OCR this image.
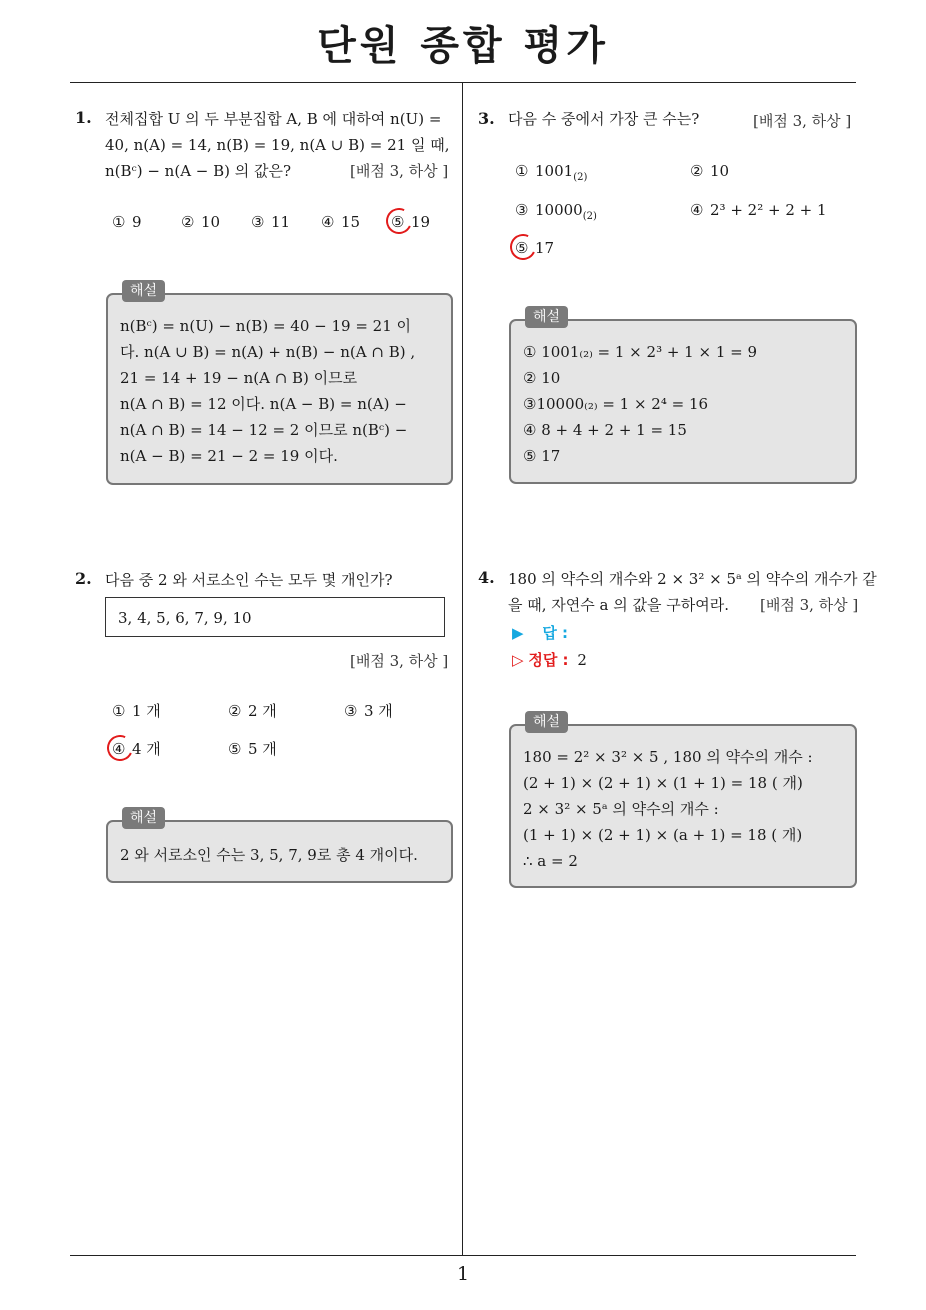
단원 종합 평가
1
1. 전체집합 U 의 두 부분집합 A, B 에 대하여 n(U) =
40, n(A) = 14, n(B) = 19, n(A ∪ B) = 21 일 때,
n(Bᶜ) − n(A − B) 의 값은?	[배점 3, 하상 ]
① 9	② 10 ③ 11 ④ 15 ⑤ 19
해설
n(Bᶜ) = n(U) − n(B) = 40 − 19 = 21 이
다. n(A ∪ B) = n(A) + n(B) − n(A ∩ B) ,
21 = 14 + 19 − n(A ∩ B) 이므로
n(A ∩ B) = 12 이다. n(A − B) = n(A) −
n(A ∩ B) = 14 − 12 = 2 이므로 n(Bᶜ) −
n(A − B) = 21 − 2 = 19 이다.
2. 다음 중 2 와 서로소인 수는 모두 몇 개인가?
3, 4, 5, 6, 7, 9, 10
[배점 3, 하상 ]
① 1 개	② 2 개	③ 3 개
④ 4 개	⑤ 5 개
해설
2 와 서로소인 수는 3, 5, 7, 9로 총 4 개이다.
3. 다음 수 중에서 가장 큰 수는?	[배점 3, 하상 ]
① $1001_{(2)}$	② 10
③ $10000_{(2)}$	④ 2³ + 2² + 2 + 1
⑤ 17
해설
① 1001₍₂₎ = 1 × 2³ + 1 × 1 = 9
② 10
③10000₍₂₎ = 1 × 2⁴ = 16
④ 8 + 4 + 2 + 1 = 15
⑤ 17
4. 180 의 약수의 개수와 2 × 3² × 5ᵃ 의 약수의 개수가 같
을 때, 자연수 a 의 값을 구하여라.	[배점 3, 하상 ]
▶ 답 :
▷ 정답 : 2
해설
180 = 2² × 3² × 5 , 180 의 약수의 개수 :
(2 + 1) × (2 + 1) × (1 + 1) = 18 ( 개)
2 × 3² × 5ᵃ 의 약수의 개수 :
(1 + 1) × (2 + 1) × (a + 1) = 18 ( 개)
∴ a = 2
